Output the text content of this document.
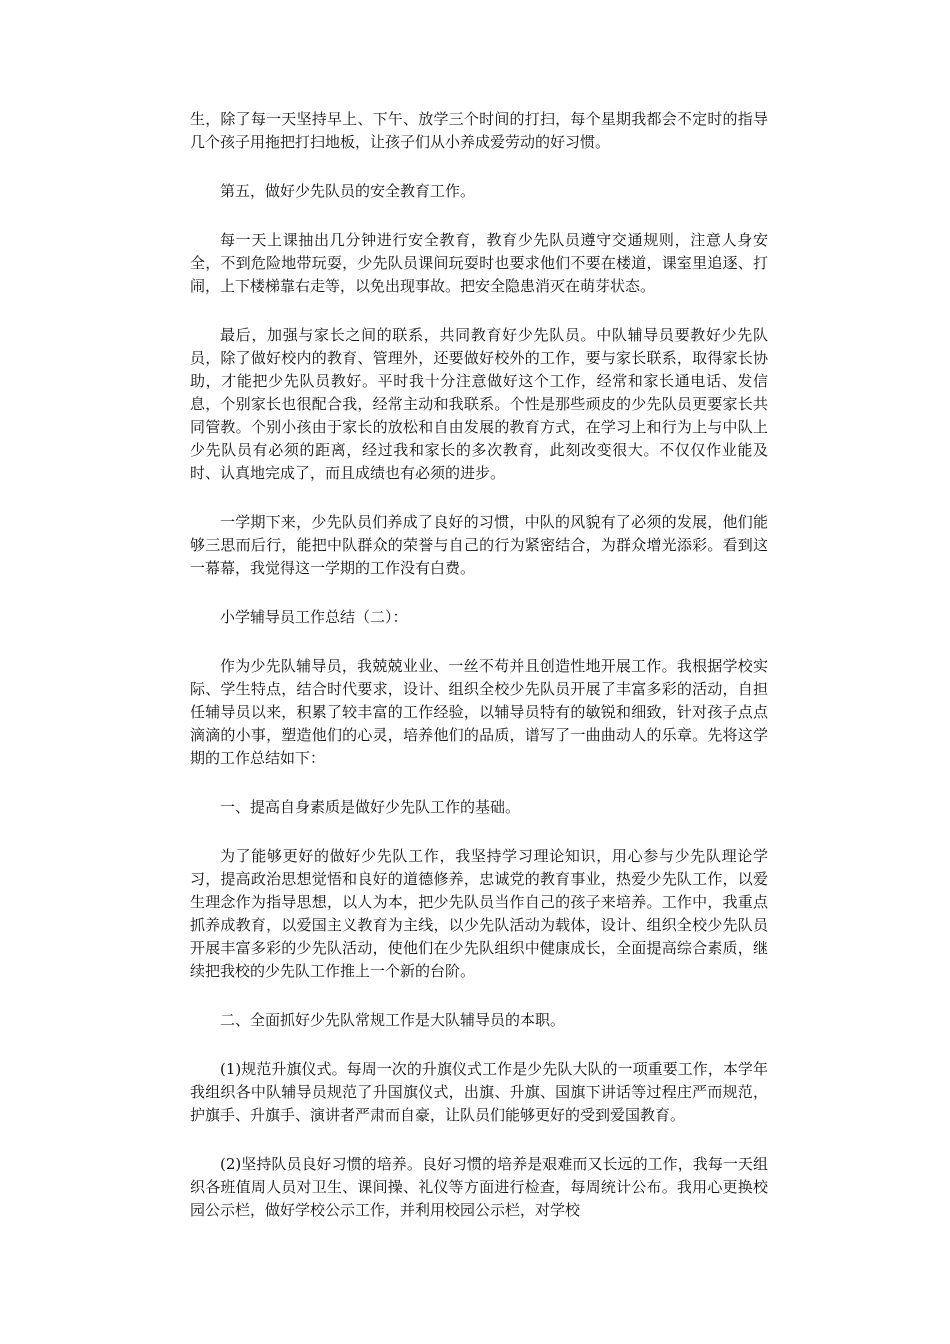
生，除了每一天坚持早上、下午、放学三个时间的打扫，每个星期我都会不定时的指导几个孩子用拖把打扫地板，让孩子们从小养成爱劳动的好习惯。

第五，做好少先队员的安全教育工作。

每一天上课抽出几分钟进行安全教育，教育少先队员遵守交通规则，注意人身安全，不到危险地带玩耍，少先队员课间玩耍时也要求他们不要在楼道，课室里追逐、打闹，上下楼梯靠右走等，以免出现事故。把安全隐患消灭在萌芽状态。

最后，加强与家长之间的联系，共同教育好少先队员。中队辅导员要教好少先队员，除了做好校内的教育、管理外，还要做好校外的工作，要与家长联系，取得家长协助，才能把少先队员教好。平时我十分注意做好这个工作，经常和家长通电话、发信息，个别家长也很配合我，经常主动和我联系。个性是那些顽皮的少先队员更要家长共同管教。个别小孩由于家长的放松和自由发展的教育方式，在学习上和行为上与中队上少先队员有必须的距离，经过我和家长的多次教育，此刻改变很大。不仅仅作业能及时、认真地完成了，而且成绩也有必须的进步。

一学期下来，少先队员们养成了良好的习惯，中队的风貌有了必须的发展，他们能够三思而后行，能把中队群众的荣誉与自己的行为紧密结合，为群众增光添彩。看到这一幕幕，我觉得这一学期的工作没有白费。

小学辅导员工作总结（二）：

作为少先队辅导员，我兢兢业业、一丝不苟并且创造性地开展工作。我根据学校实际、学生特点，结合时代要求，设计、组织全校少先队员开展了丰富多彩的活动，自担任辅导员以来，积累了较丰富的工作经验，以辅导员特有的敏锐和细致，针对孩子点点滴滴的小事，塑造他们的心灵，培养他们的品质，谱写了一曲曲动人的乐章。先将这学期的工作总结如下：

一、提高自身素质是做好少先队工作的基础。

为了能够更好的做好少先队工作，我坚持学习理论知识，用心参与少先队理论学习，提高政治思想觉悟和良好的道德修养，忠诚党的教育事业，热爱少先队工作，以爱生理念作为指导思想，以人为本，把少先队员当作自己的孩子来培养。工作中，我重点抓养成教育，以爱国主义教育为主线，以少先队活动为载体，设计、组织全校少先队员开展丰富多彩的少先队活动，使他们在少先队组织中健康成长，全面提高综合素质，继续把我校的少先队工作推上一个新的台阶。

二、全面抓好少先队常规工作是大队辅导员的本职。

(1)规范升旗仪式。每周一次的升旗仪式工作是少先队大队的一项重要工作，本学年我组织各中队辅导员规范了升国旗仪式，出旗、升旗、国旗下讲话等过程庄严而规范，护旗手、升旗手、演讲者严肃而自豪，让队员们能够更好的受到爱国教育。

(2)坚持队员良好习惯的培养。良好习惯的培养是艰难而又长远的工作，我每一天组织各班值周人员对卫生、课间操、礼仪等方面进行检查，每周统计公布。我用心更换校园公示栏，做好学校公示工作，并利用校园公示栏，对学校
